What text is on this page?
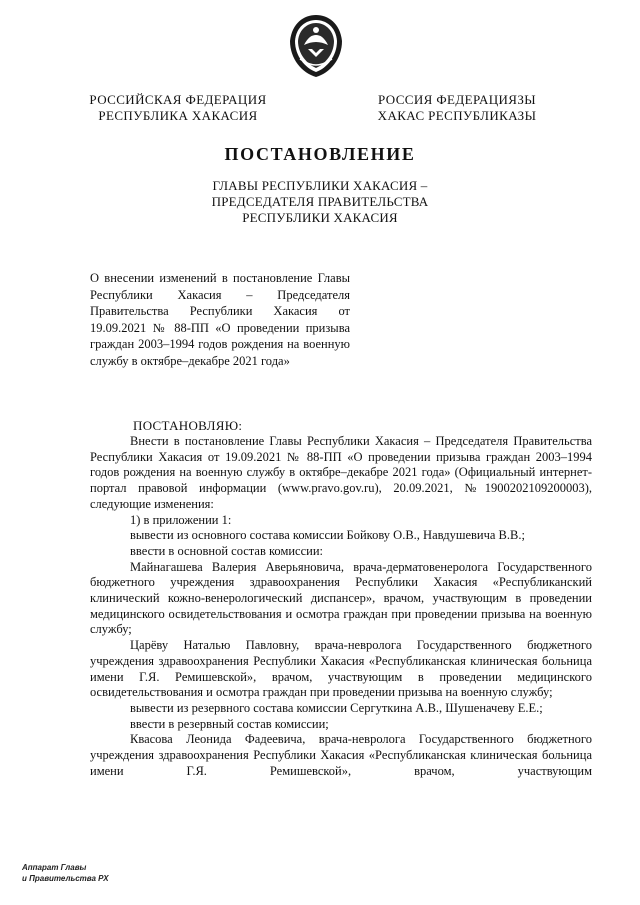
РОССИЙСКАЯ ФЕДЕРАЦИЯ
РЕСПУБЛИКА ХАКАСИЯ
РОССИЯ ФЕДЕРАЦИЯЗЫ
ХАКАС РЕСПУБЛИКАЗЫ
ПОСТАНОВЛЕНИЕ
ГЛАВЫ РЕСПУБЛИКИ ХАКАСИЯ –
ПРЕДСЕДАТЕЛЯ ПРАВИТЕЛЬСТВА
РЕСПУБЛИКИ ХАКАСИЯ
О внесении изменений в постановление Главы Республики Хакасия – Председателя Правительства Республики Хакасия от 19.09.2021 № 88-ПП «О проведении призыва граждан 2003–1994 годов рождения на военную службу в октябре–декабре 2021 года»
ПОСТАНОВЛЯЮ:

Внести в постановление Главы Республики Хакасия – Председателя Правительства Республики Хакасия от 19.09.2021 № 88-ПП «О проведении призыва граждан 2003–1994 годов рождения на военную службу в октябре–декабре 2021 года» (Официальный интернет-портал правовой информации (www.pravo.gov.ru), 20.09.2021, №1900202109200003), следующие изменения:

1) в приложении 1:

вывести из основного состава комиссии Бойкову О.В., Навдушевича В.В.;

ввести в основной состав комиссии:

Майнагашева Валерия Аверьяновича, врача-дерматовенеролога Государственного бюджетного учреждения здравоохранения Республики Хакасия «Республиканский клинический кожно-венерологический диспансер», врачом, участвующим в проведении медицинского освидетельствования и осмотра граждан при проведении призыва на военную службу;

Царёву Наталью Павловну, врача-невролога Государственного бюджетного учреждения здравоохранения Республики Хакасия «Республиканская клиническая больница имени Г.Я. Ремишевской», врачом, участвующим в проведении медицинского освидетельствования и осмотра граждан при проведении призыва на военную службу;

вывести из резервного состава комиссии Сергуткина А.В., Шушеначеву Е.Е.;

ввести в резервный состав комиссии;

Квасова Леонида Фадеевича, врача-невролога Государственного бюджетного учреждения здравоохранения Республики Хакасия «Республиканская клиническая больница имени Г.Я. Ремишевской», врачом, участвующим

Аппарат Главы
и Правительства РХ
